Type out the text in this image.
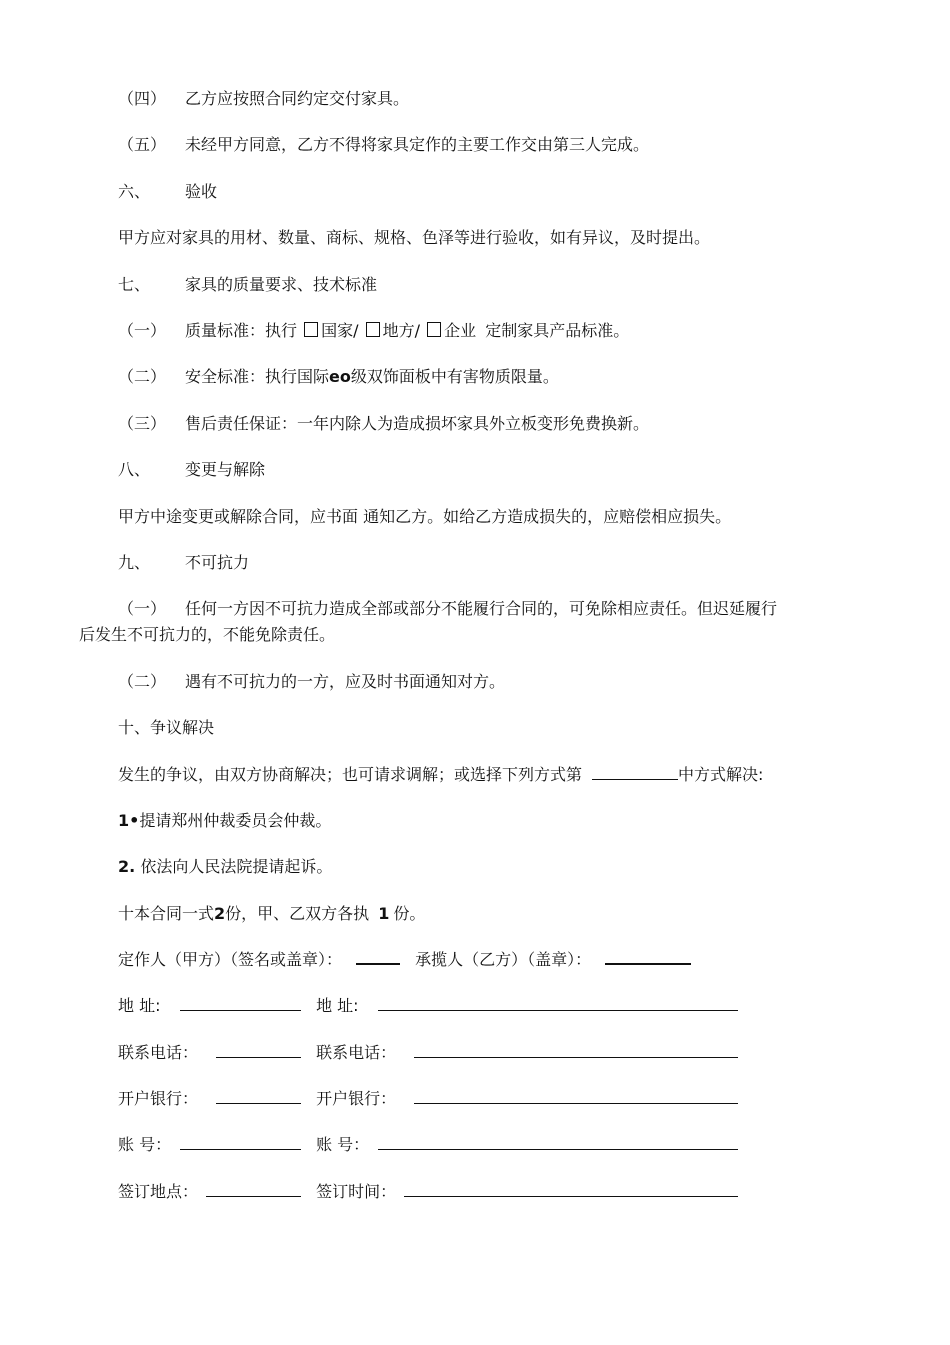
（四） 乙方应按照合同约定交付家具。
（五） 未经甲方同意，乙方不得将家具定作的主要工作交由第三人完成。
六、 验收
甲方应对家具的用材、数量、商标、规格、色泽等进行验收，如有异议，及时提出。
七、 家具的质量要求、技术标准
（一） 质量标准：执行 国家/ 地方/ 企业 定制家具产品标准。
（二） 安全标准：执行国际eo级双饰面板中有害物质限量。
（三） 售后责任保证：一年内除人为造成损坏家具外立板变形免费换新。
八、 变更与解除
甲方中途变更或解除合同，应书面 通知乙方。如给乙方造成损失的，应赔偿相应损失。
九、 不可抗力
（一） 任何一方因不可抗力造成全部或部分不能履行合同的，可免除相应责任。但迟延履行
后发生不可抗力的，不能免除责任。
（二） 遇有不可抗力的一方，应及时书面通知对方。
十、争议解决
发生的争议，由双方协商解决；也可请求调解；或选择下列方式第	中方式解决:
1•提请郑州仲裁委员会仲裁。
2. 依法向人民法院提请起诉。
十本合同一式2份，甲、乙双方各执 1 份。
定作人（甲方）（签名或盖章）：	承揽人（乙方）（盖章）：
地 址:	地 址:
联系电话：	联系电话：
开户银行：	开户银行：
账 号：	账 号：
签订地点：	签订时间：
